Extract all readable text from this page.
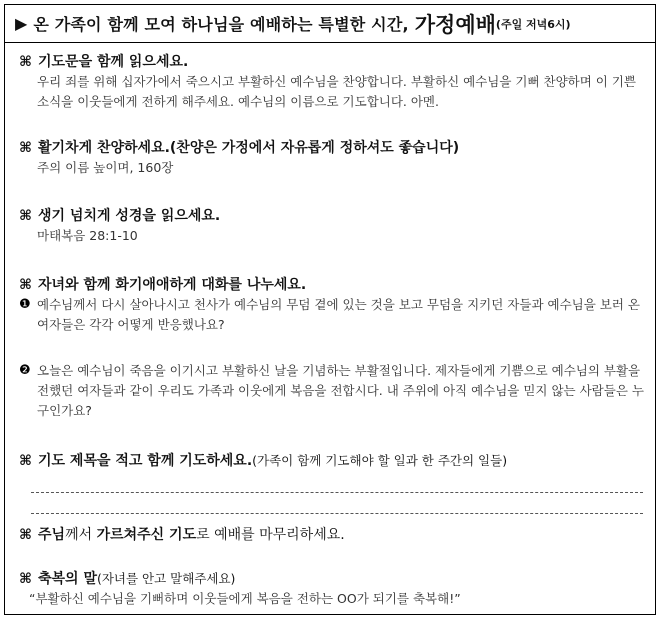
▶ 온 가족이 함께 모여 하나님을 예배하는 특별한 시간, 가정예배 (주일 저녁6시)
⌘ 기도문을 함께 읽으세요.
우리 죄를 위해 십자가에서 죽으시고 부활하신 예수님을 찬양합니다. 부활하신 예수님을 기뻐 찬양하며 이 기쁜 소식을 이웃들에게 전하게 해주세요. 예수님의 이름으로 기도합니다. 아멘.
⌘ 활기차게 찬양하세요.(찬양은 가정에서 자유롭게 정하셔도 좋습니다)
주의 이름 높이며, 160장
⌘ 생기 넘치게 성경을 읽으세요.
마태복음 28:1-10
⌘ 자녀와 함께 화기애애하게 대화를 나누세요.
❶ 예수님께서 다시 살아나시고 천사가 예수님의 무덤 곁에 있는 것을 보고 무덤을 지키던 자들과 예수님을 보러 온 여자들은 각각 어떻게 반응했나요?
❷ 오늘은 예수님이 죽음을 이기시고 부활하신 날을 기념하는 부활절입니다. 제자들에게 기쁨으로 예수님의 부활을 전했던 여자들과 같이 우리도 가족과 이웃에게 복음을 전합시다. 내 주위에 아직 예수님을 믿지 않는 사람들은 누구인가요?
⌘ 기도 제목을 적고 함께 기도하세요.(가족이 함께 기도해야 할 일과 한 주간의 일들)
⌘ 주님께서 가르쳐주신 기도로 예배를 마무리하세요.
⌘ 축복의 말(자녀를 안고 말해주세요)
“부활하신 예수님을 기뻐하며 이웃들에게 복음을 전하는 OO가 되기를 축복해!”
